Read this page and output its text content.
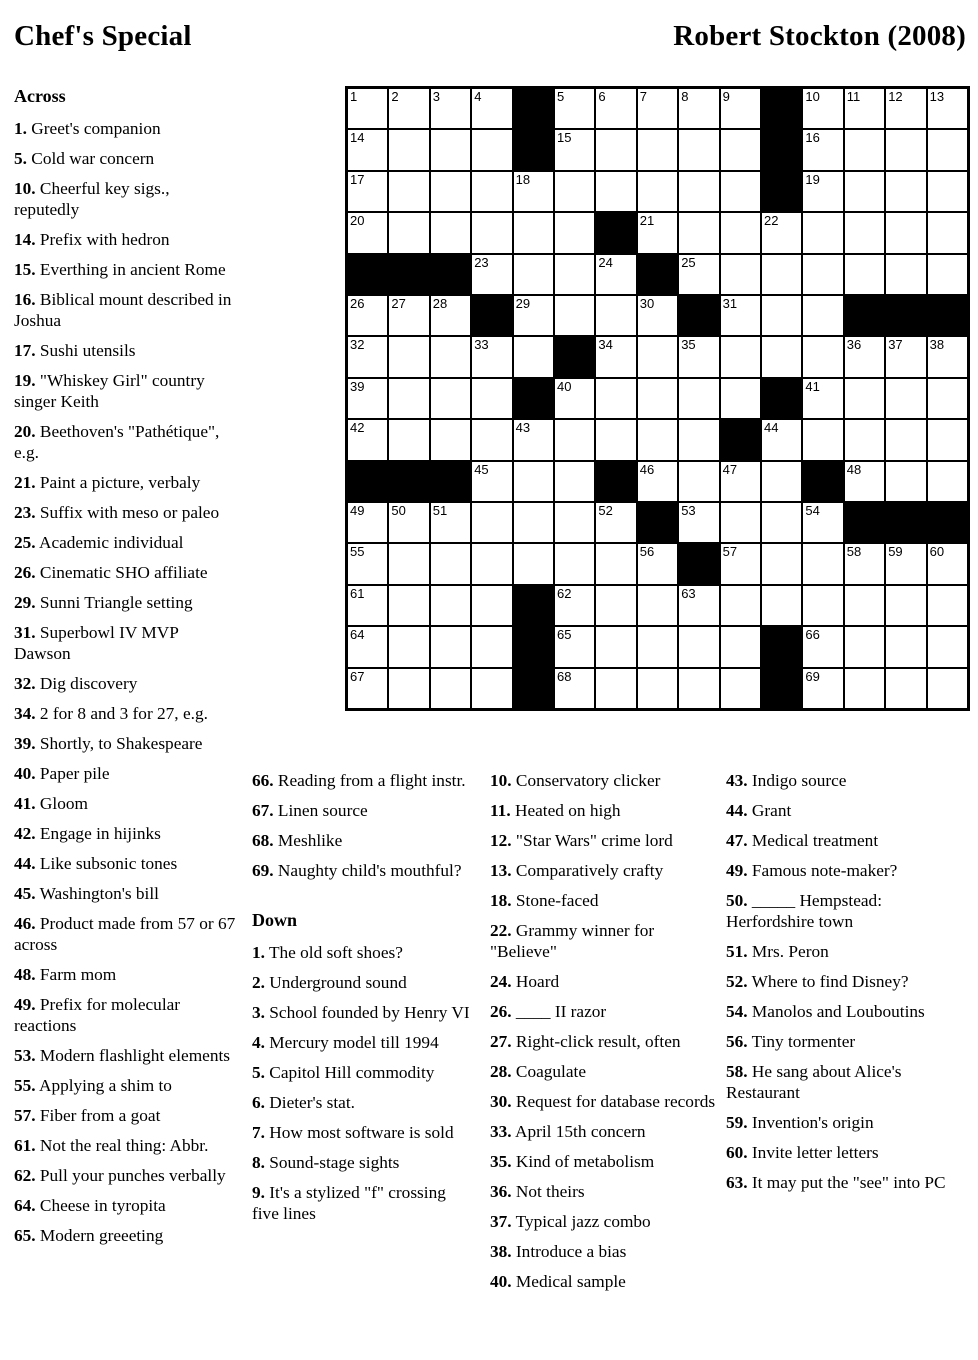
Chef's Special	Robert Stockton (2008)
1	2	3	4	5	6	7	8	9	10 11 12 13
14	15	16
17	18	19
20	21	22
23	24	25
26 27 28	29	30	31
32	33	34	35	36 37 38
39	40	41
42	43	44
45	46	47	48
49 50 51	52	53	54
55	56	57	58 59 60
61	62	63
64	65	66
67	68	69
Across

1. Greet's companion

5. Cold war concern

10. Cheerful key sigs., reputedly

14. Prefix with hedron

15. Everthing in ancient Rome

16. Biblical mount described in Joshua

17. Sushi utensils

19. "Whiskey Girl" country singer Keith

20. Beethoven's "Pathétique", e.g.

21. Paint a picture, verbaly

23. Suffix with meso or paleo

25. Academic individual

26. Cinematic SHO affiliate

29. Sunni Triangle setting

31. Superbowl IV MVP Dawson

32. Dig discovery

34. 2 for 8 and 3 for 27, e.g.

39. Shortly, to Shakespeare

40. Paper pile

41. Gloom

42. Engage in hijinks

44. Like subsonic tones

45. Washington's bill

46. Product made from 57 or 67 across

48. Farm mom

49. Prefix for molecular reactions

53. Modern flashlight elements

55. Applying a shim to

57. Fiber from a goat

61. Not the real thing: Abbr.

62. Pull your punches verbally

64. Cheese in tyropita

65. Modern greeeting

66. Reading from a flight instr.

67. Linen source

68. Meshlike

69. Naughty child's mouthful?

Down

1. The old soft shoes?

2. Underground sound

3. School founded by Henry VI

4. Mercury model till 1994

5. Capitol Hill commodity

6. Dieter's stat.

7. How most software is sold

8. Sound-stage sights

9. It's a stylized "f" crossing five lines

10. Conservatory clicker

11. Heated on high

12. "Star Wars" crime lord

13. Comparatively crafty

18. Stone-faced

22. Grammy winner for "Believe"

24. Hoard

26. ____ II razor

27. Right-click result, often

28. Coagulate

30. Request for database records

33. April 15th concern

35. Kind of metabolism

36. Not theirs

37. Typical jazz combo

38. Introduce a bias

40. Medical sample

43. Indigo source

44. Grant

47. Medical treatment

49. Famous note-maker?

50. _____ Hempstead: Herfordshire town

51. Mrs. Peron

52. Where to find Disney?

54. Manolos and Louboutins

56. Tiny tormenter

58. He sang about Alice's Restaurant

59. Invention's origin

60. Invite letter letters

63. It may put the "see" into PC
